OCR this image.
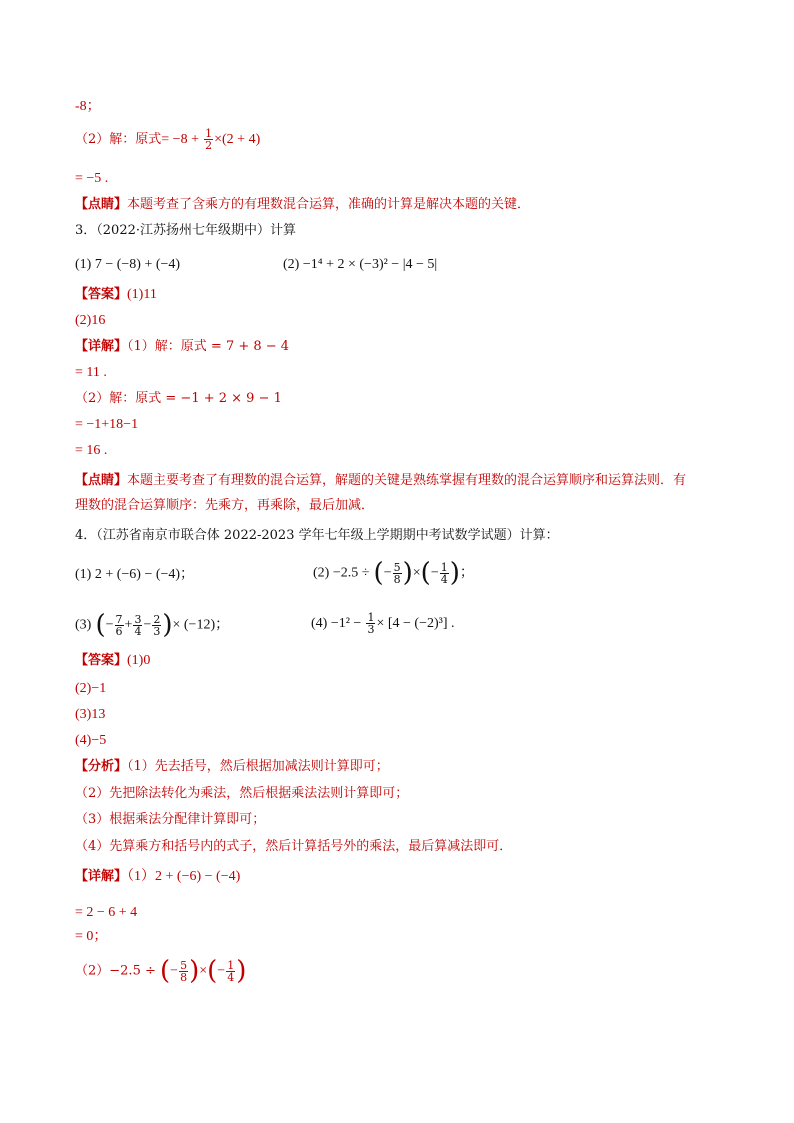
-8；
（2）解：原式= $-8 + \frac{1}{2} \times(2 + 4)$
= −5 .
【点睛】本题考查了含乘方的有理数混合运算，准确的计算是解决本题的关键．
3．（2022·江苏扬州七年级期中）计算
(1) 7 − (−8) + (−4)	(2) −1⁴ + 2 × (−3)² − |4 − 5|
【答案】(1)11
(2)16
【详解】（1）解：原式 = 7 + 8 − 4
= 11 .
（2）解：原式 = −1 + 2 × 9 − 1
= −1+18−1
= 16 .
【点睛】本题主要考查了有理数的混合运算，解题的关键是熟练掌握有理数的混合运算顺序和运算法则．有
理数的混合运算顺序：先乘方，再乘除，最后加减．
4．（江苏省南京市联合体 2022-2023 学年七年级上学期期中考试数学试题）计算：
(1) 2 + (−6) − (−4)；	(2) −2.5 ÷ (− $\frac{5}{8}$ )×(− $\frac{1}{4}$ )；
(3) (− $\frac{7}{6} + \frac{3}{4} - \frac{2}{3}$ )× (−12)；	$(4) -1^2 - \frac{1}{3} \times [4 - (-2)^3]$ .
【答案】(1)0
(2)−1
(3)13
(4)−5
【分析】（1）先去括号，然后根据加减法则计算即可；
（2）先把除法转化为乘法，然后根据乘法法则计算即可；
（3）根据乘法分配律计算即可；
（4）先算乘方和括号内的式子，然后计算括号外的乘法，最后算减法即可．
【详解】（1）2 + (−6) − (−4)
= 2 − 6 + 4
= 0；
（2）−2.5 ÷ (− $\frac{5}{8}$ )×(− $\frac{1}{4}$ )
